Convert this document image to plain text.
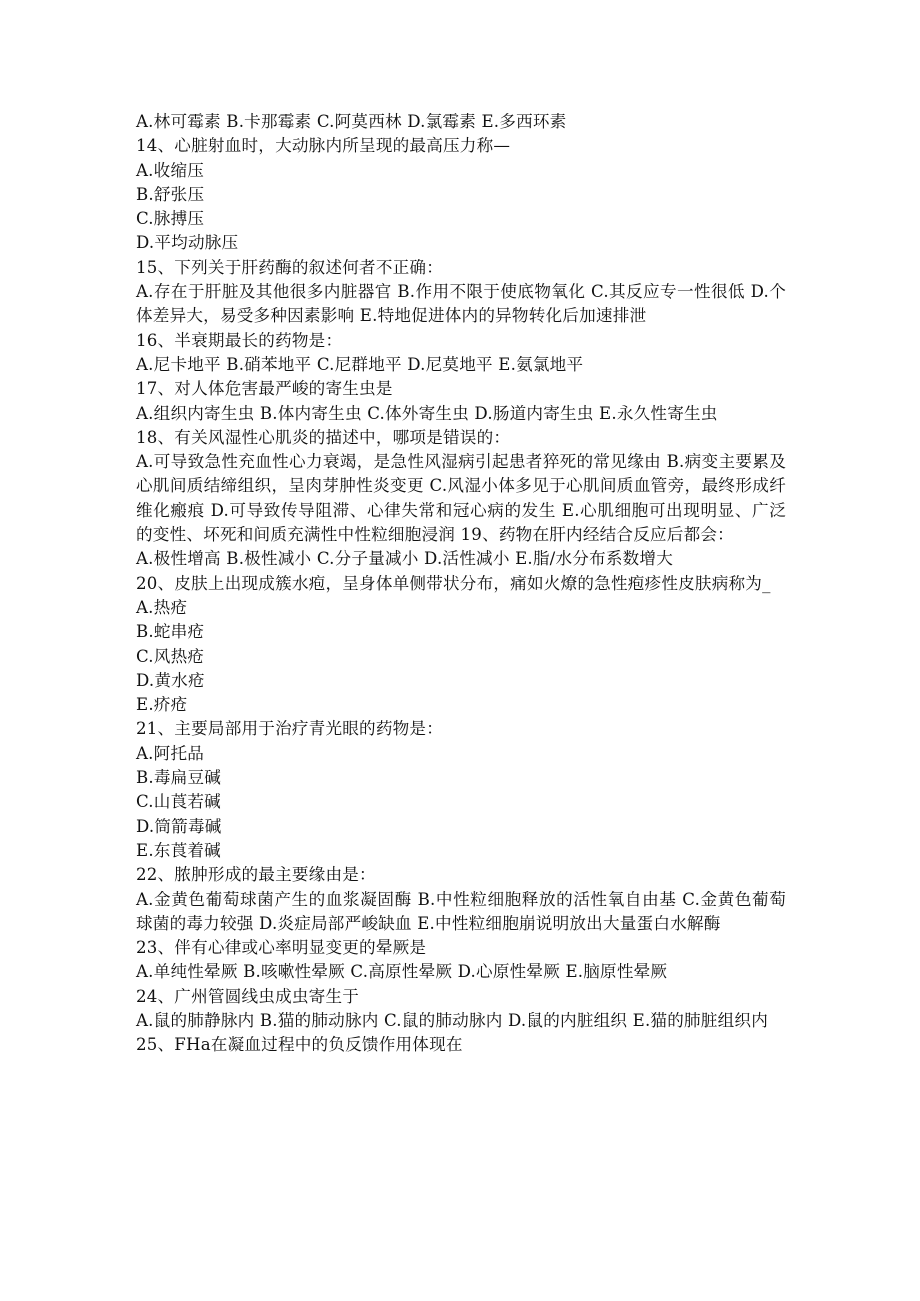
A.林可霉素 B.卡那霉素 C.阿莫西林 D.氯霉素 E.多西环素
14、心脏射血时，大动脉内所呈现的最高压力称—
A.收缩压
B.舒张压
C.脉搏压
D.平均动脉压
15、下列关于肝药酶的叙述何者不正确：
A.存在于肝脏及其他很多内脏器官 B.作用不限于使底物氧化 C.其反应专一性很低 D.个体差异大，易受多种因素影响 E.特地促进体内的异物转化后加速排泄
16、半衰期最长的药物是：
A.尼卡地平 B.硝苯地平 C.尼群地平 D.尼莫地平 E.氨氯地平
17、对人体危害最严峻的寄生虫是
A.组织内寄生虫 B.体内寄生虫 C.体外寄生虫 D.肠道内寄生虫 E.永久性寄生虫
18、有关风湿性心肌炎的描述中，哪项是错误的：
A.可导致急性充血性心力衰竭，是急性风湿病引起患者猝死的常见缘由 B.病变主要累及心肌间质结缔组织，呈肉芽肿性炎变更 C.风湿小体多见于心肌间质血管旁，最终形成纤维化瘢痕 D.可导致传导阻滞、心律失常和冠心病的发生 E.心肌细胞可出现明显、广泛的变性、坏死和间质充满性中性粒细胞浸润 19、药物在肝内经结合反应后都会：
A.极性增高 B.极性减小 C.分子量减小 D.活性减小 E.脂/水分布系数增大
20、皮肤上出现成簇水疱，呈身体单侧带状分布，痛如火燎的急性疱疹性皮肤病称为_
A.热疮
B.蛇串疮
C.风热疮
D.黄水疮
E.疥疮
21、主要局部用于治疗青光眼的药物是：
A.阿托品
B.毒扁豆碱
C.山莨若碱
D.筒箭毒碱
E.东莨着碱
22、脓肿形成的最主要缘由是：
A.金黄色葡萄球菌产生的血浆凝固酶 B.中性粒细胞释放的活性氧自由基 C.金黄色葡萄球菌的毒力较强 D.炎症局部严峻缺血 E.中性粒细胞崩说明放出大量蛋白水解酶
23、伴有心律或心率明显变更的晕厥是
A.单纯性晕厥 B.咳嗽性晕厥 C.高原性晕厥 D.心原性晕厥 E.脑原性晕厥
24、广州管圆线虫成虫寄生于
A.鼠的肺静脉内 B.猫的肺动脉内 C.鼠的肺动脉内 D.鼠的内脏组织 E.猫的肺脏组织内
25、FHa在凝血过程中的负反馈作用体现在
